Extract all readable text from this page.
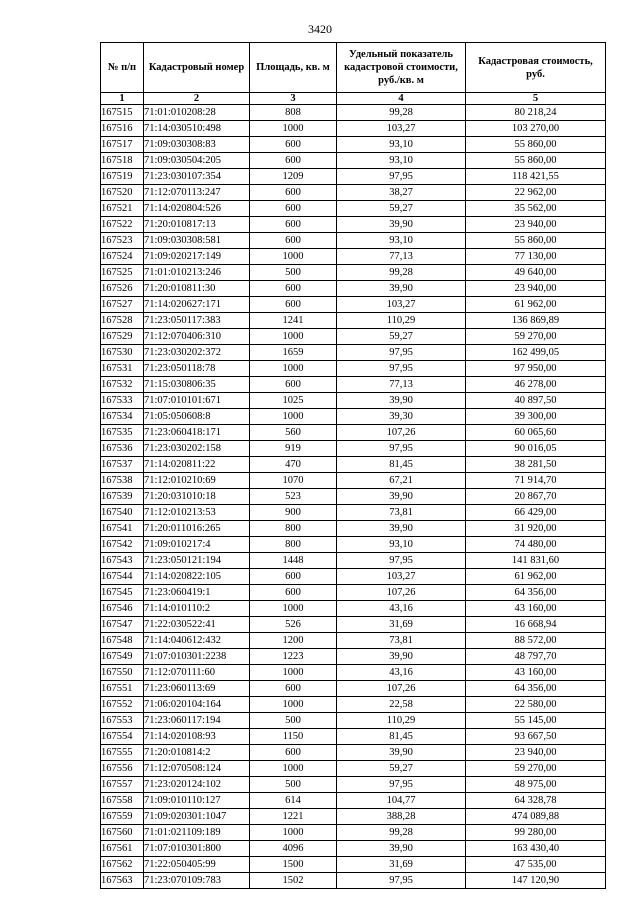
3420
№ п/п	Кадастровый номер	Площадь, кв. м	Удельный показатель кадастровой стоимости, руб./кв. м	Кадастровая стоимость, руб.
1	2	3	4	5
167515	71:01:010208:28	808	99,28	80 218,24
167516	71:14:030510:498	1000	103,27	103 270,00
167517	71:09:030308:83	600	93,10	55 860,00
167518	71:09:030504:205	600	93,10	55 860,00
167519	71:23:030107:354	1209	97,95	118 421,55
167520	71:12:070113:247	600	38,27	22 962,00
167521	71:14:020804:526	600	59,27	35 562,00
167522	71:20:010817:13	600	39,90	23 940,00
167523	71:09:030308:581	600	93,10	55 860,00
167524	71:09:020217:149	1000	77,13	77 130,00
167525	71:01:010213:246	500	99,28	49 640,00
167526	71:20:010811:30	600	39,90	23 940,00
167527	71:14:020627:171	600	103,27	61 962,00
167528	71:23:050117:383	1241	110,29	136 869,89
167529	71:12:070406:310	1000	59,27	59 270,00
167530	71:23:030202:372	1659	97,95	162 499,05
167531	71:23:050118:78	1000	97,95	97 950,00
167532	71:15:030806:35	600	77,13	46 278,00
167533	71:07:010101:671	1025	39,90	40 897,50
167534	71:05:050608:8	1000	39,30	39 300,00
167535	71:23:060418:171	560	107,26	60 065,60
167536	71:23:030202:158	919	97,95	90 016,05
167537	71:14:020811:22	470	81,45	38 281,50
167538	71:12:010210:69	1070	67,21	71 914,70
167539	71:20:031010:18	523	39,90	20 867,70
167540	71:12:010213:53	900	73,81	66 429,00
167541	71:20:011016:265	800	39,90	31 920,00
167542	71:09:010217:4	800	93,10	74 480,00
167543	71:23:050121:194	1448	97,95	141 831,60
167544	71:14:020822:105	600	103,27	61 962,00
167545	71:23:060419:1	600	107,26	64 356,00
167546	71:14:010110:2	1000	43,16	43 160,00
167547	71:22:030522:41	526	31,69	16 668,94
167548	71:14:040612:432	1200	73,81	88 572,00
167549	71:07:010301:2238	1223	39,90	48 797,70
167550	71:12:070111:60	1000	43,16	43 160,00
167551	71:23:060113:69	600	107,26	64 356,00
167552	71:06:020104:164	1000	22,58	22 580,00
167553	71:23:060117:194	500	110,29	55 145,00
167554	71:14:020108:93	1150	81,45	93 667,50
167555	71:20:010814:2	600	39,90	23 940,00
167556	71:12:070508:124	1000	59,27	59 270,00
167557	71:23:020124:102	500	97,95	48 975,00
167558	71:09:010110:127	614	104,77	64 328,78
167559	71:09:020301:1047	1221	388,28	474 089,88
167560	71:01:021109:189	1000	99,28	99 280,00
167561	71:07:010301:800	4096	39,90	163 430,40
167562	71:22:050405:99	1500	31,69	47 535,00
167563	71:23:070109:783	1502	97,95	147 120,90
